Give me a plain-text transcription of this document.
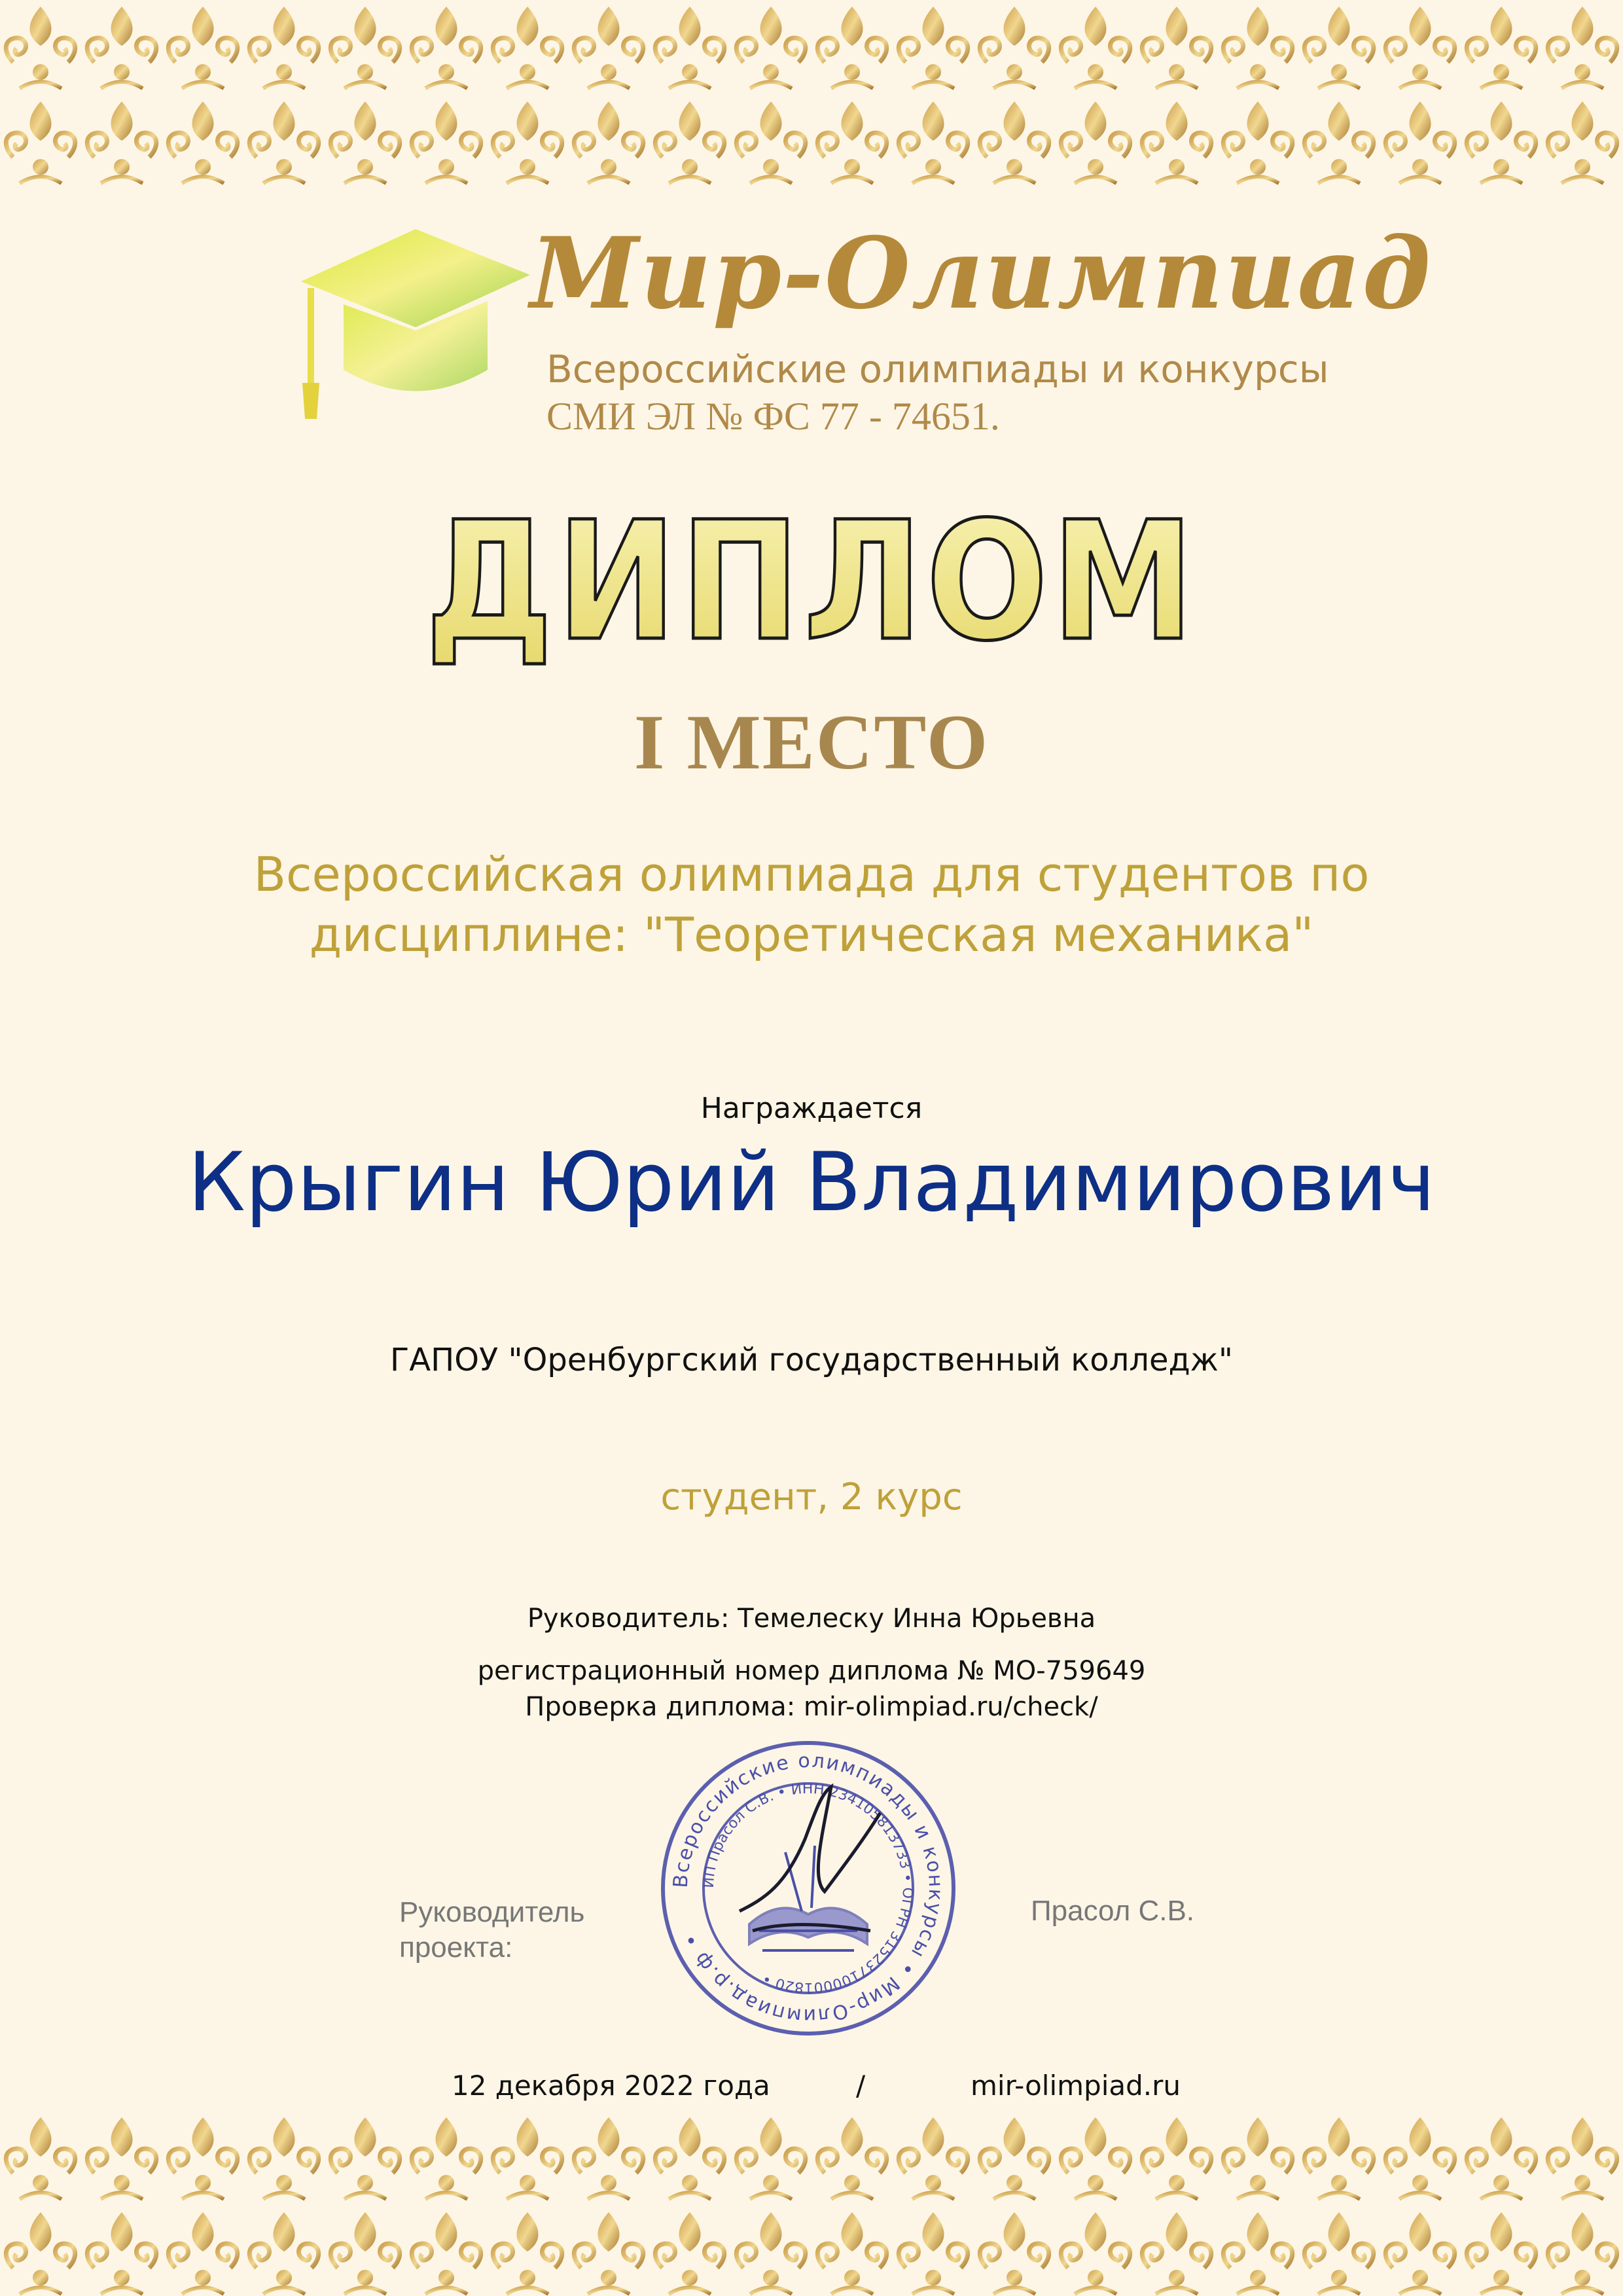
Мир-Олимпиад
Всероссийские олимпиады и конкурсы
СМИ ЭЛ № ФС 77 - 74651.
ДИПЛОМ
I МЕСТО
Всероссийская олимпиада для студентов по
дисциплине: "Теоретическая механика"
Награждается
Крыгин Юрий Владимирович
ГАПОУ "Оренбургский государственный колледж"
студент, 2 курс
Руководитель: Темелеску Инна Юрьевна
регистрационный номер диплома № МО-759649
Проверка диплома: mir-olimpiad.ru/check/
Руководитель
проекта:
Прасол С.В.
Всероссийские олимпиады и конкурсы • Мир-Олимпиад.р.ф •
ИП Прасол С.В. • ИНН 234105813733 • ОГРН 315237100001820 •
12 декабря 2022 года	/	mir-olimpiad.ru
